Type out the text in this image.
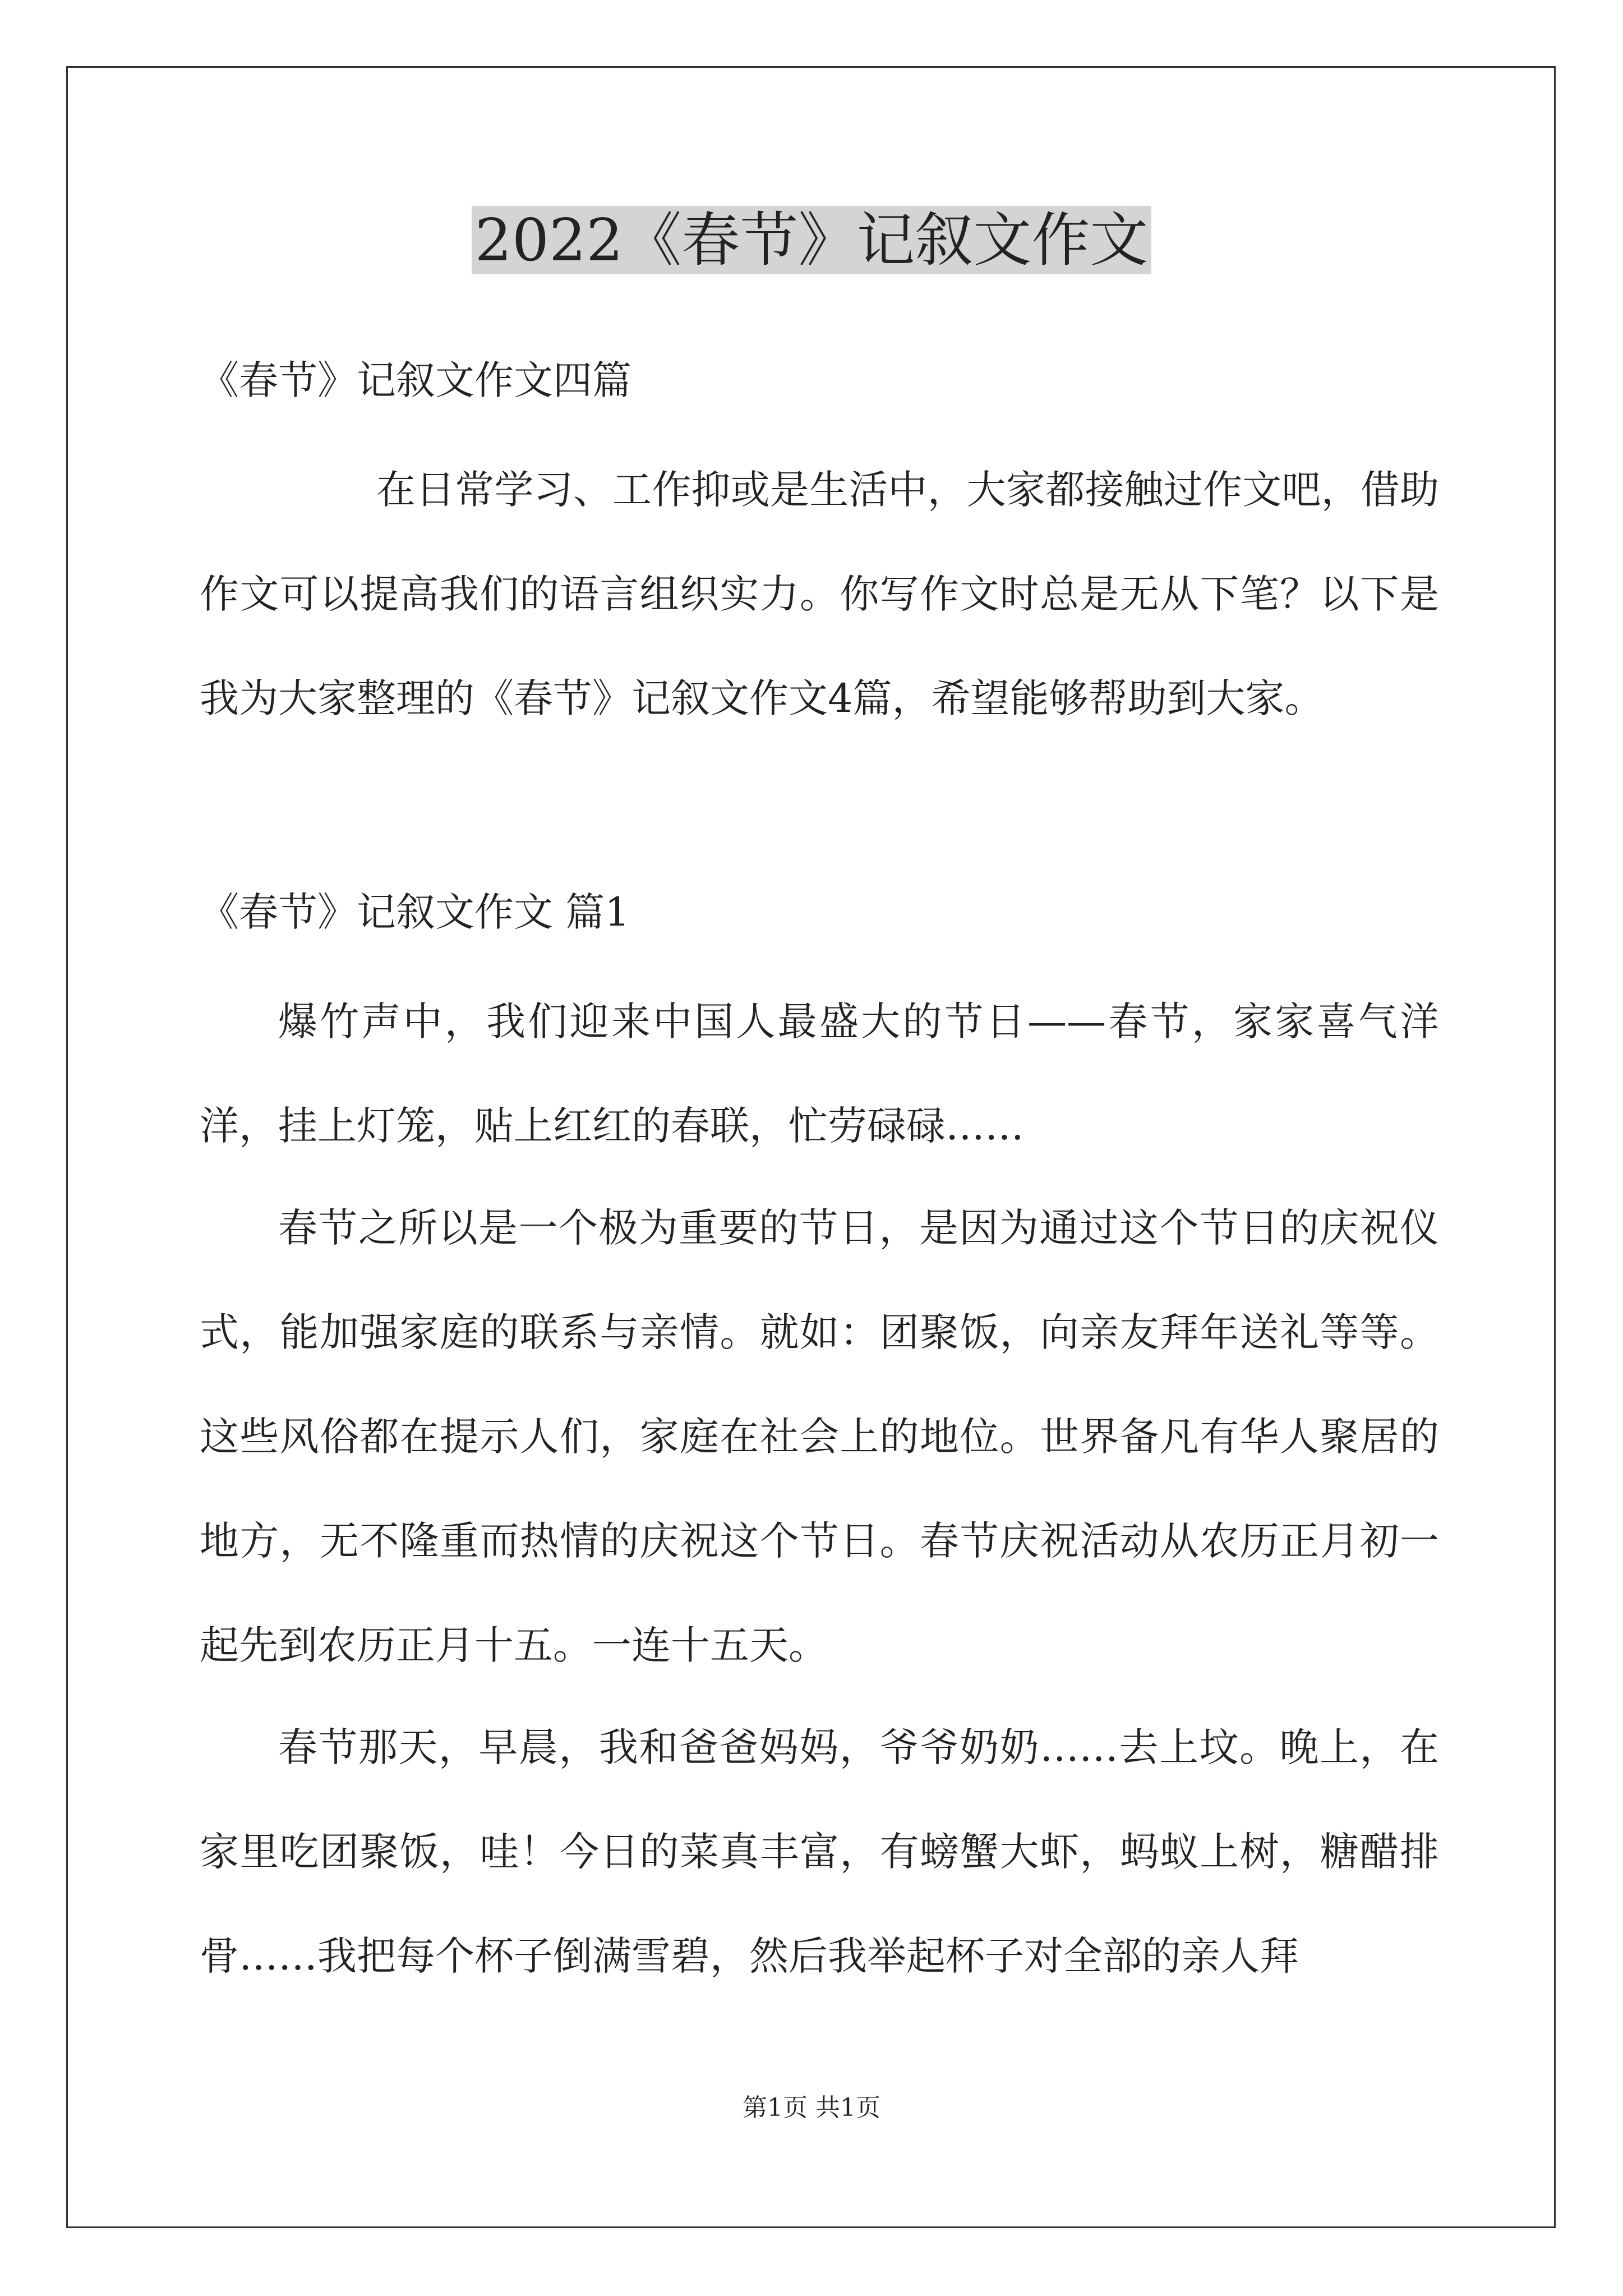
2022《春节》记叙文作文
《春节》记叙文作文四篇
在日常学习、工作抑或是生活中，大家都接触过作文吧，借助作文可以提高我们的语言组织实力。你写作文时总是无从下笔？以下是我为大家整理的《春节》记叙文作文4篇，希望能够帮助到大家。
《春节》记叙文作文 篇1
爆竹声中，我们迎来中国人最盛大的节日——春节，家家喜气洋洋，挂上灯笼，贴上红红的春联，忙劳碌碌……
春节之所以是一个极为重要的节日，是因为通过这个节日的庆祝仪式，能加强家庭的联系与亲情。就如：团聚饭，向亲友拜年送礼等等。这些风俗都在提示人们，家庭在社会上的地位。世界备凡有华人聚居的地方，无不隆重而热情的庆祝这个节日。春节庆祝活动从农历正月初一起先到农历正月十五。一连十五天。
春节那天，早晨，我和爸爸妈妈，爷爷奶奶……去上坟。晚上，在家里吃团聚饭，哇！今日的菜真丰富，有螃蟹大虾，蚂蚁上树，糖醋排骨……我把每个杯子倒满雪碧，然后我举起杯子对全部的亲人拜
第1页 共1页
